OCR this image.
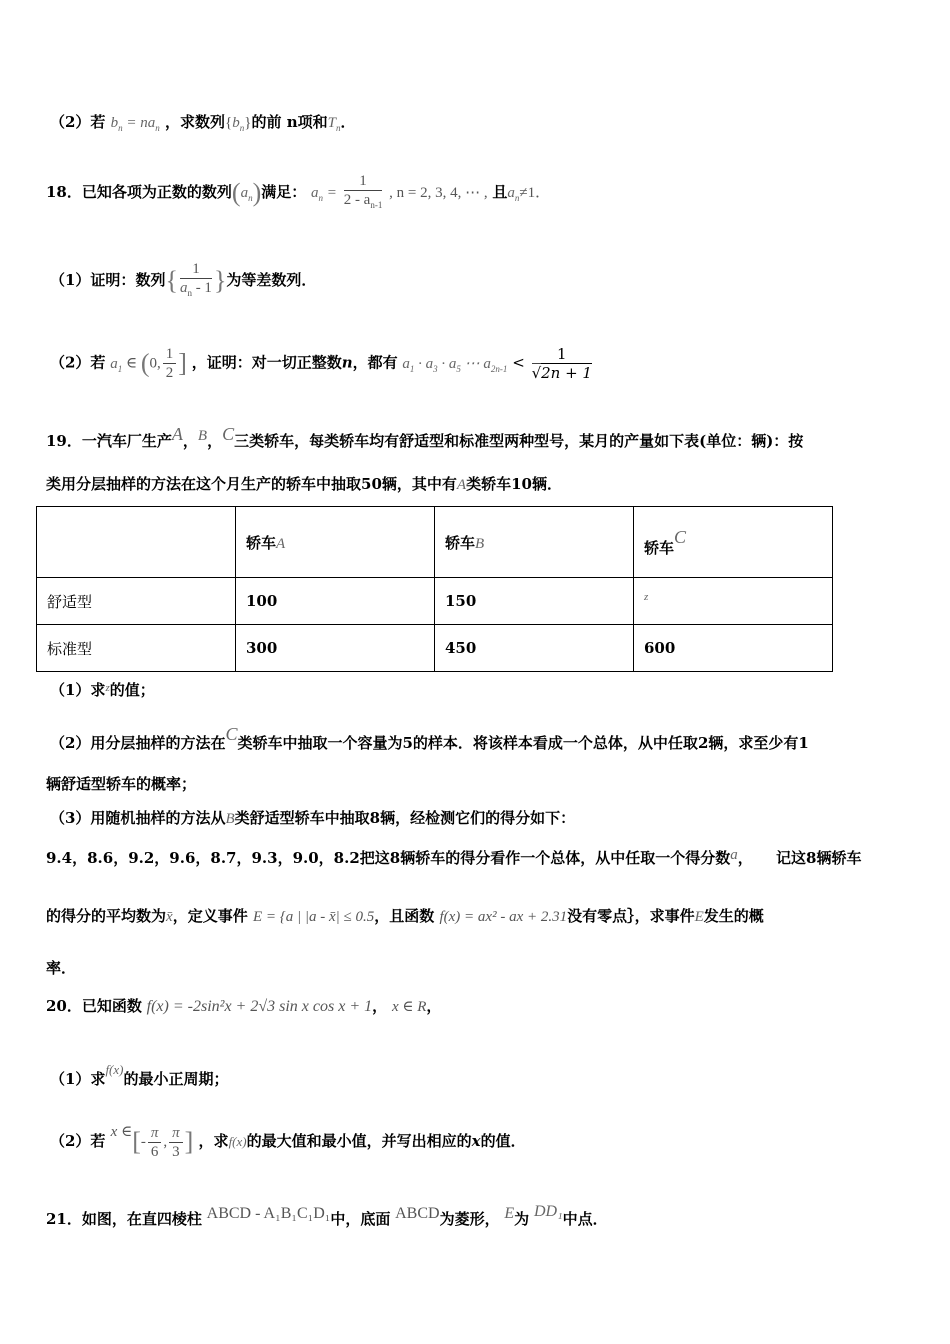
（2）若 $b_n = na_n$ ，求数列$\{b_n\}$的前 n项和$T_n$．
18．已知各项为正数的数列$(a_n)$满足： $a_n = \frac{1}{2 - a_{n-1}}$ , n = 2, 3, 4, ⋯ , 且$a_n\ne 1$．
（1）证明：数列{ $\frac{1}{a_n - 1}$ }为等差数列．
（2）若 $a_1$ ∈ (0, $\frac{1}{2}$ ] ，证明：对一切正整数n，都有 $a_1 \cdot a_3 \cdot a_5$ ⋯ $a_{2n-1} < \frac{1}{√2n + 1}$
19．一汽车厂生产A，B，C三类轿车，每类轿车均有舒适型和标准型两种型号，某月的产量如下表(单位：辆)：按
类用分层抽样的方法在这个月生产的轿车中抽取50辆，其中有A类轿车10辆．
	轿车A	轿车B	轿车C
舒适型	100	150	$^z$
标准型	300	450	600
（1）求$^z$的值；
（2）用分层抽样的方法在C类轿车中抽取一个容量为5的样本．将该样本看成一个总体，从中任取2辆，求至少有1
辆舒适型轿车的概率；
（3）用随机抽样的方法从B类舒适型轿车中抽取8辆，经检测它们的得分如下：
9.4，8.6，9.2，9.6，8.7，9.3，9.0，8.2把这8辆轿车的得分看作一个总体，从中任取一个得分数a， 记这8辆轿车
的得分的平均数为x̄，定义事件 E = {a | |a - x̄| ≤ 0.5，且函数 f(x) = ax² - ax + 2.31没有零点｝，求事件E发生的概
率．
20．已知函数 f(x) = -2sin²x + 2√3 sin x cos x + 1， x ∈ R，
（1）求f(x)的最小正周期；
（2）若 x ∈[- $\frac{\pi}{6}$ , $\frac{\pi}{3}$ ] ，求f(x)的最大值和最小值，并写出相应的x的值．
21．如图，在直四棱柱 ABCD - A₁B₁C₁D₁中，底面 ABCD为菱形， E为 DD₁中点．
